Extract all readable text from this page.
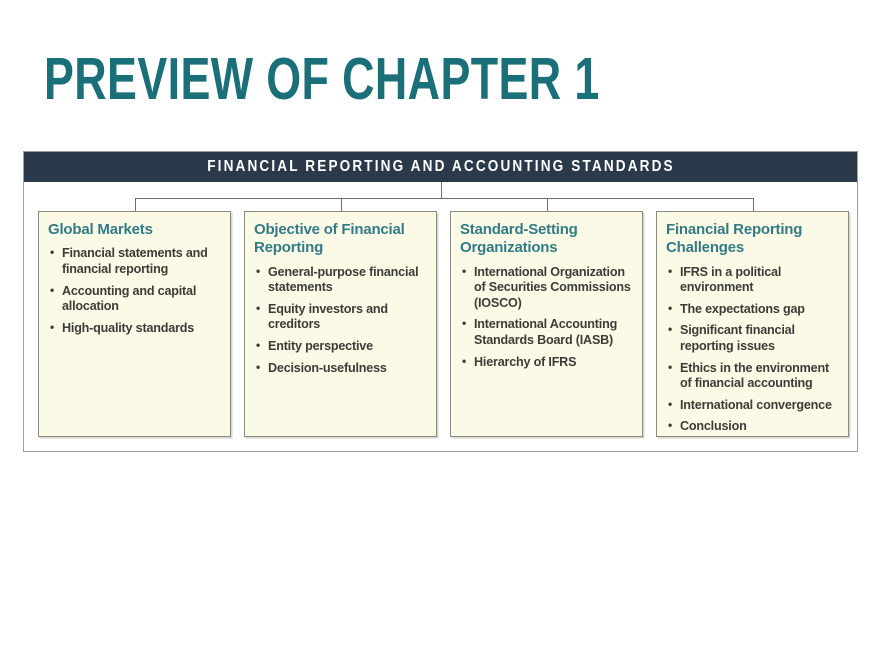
PREVIEW OF CHAPTER 1
FINANCIAL REPORTING AND ACCOUNTING STANDARDS
Global Markets
• Financial statements and financial reporting
• Accounting and capital allocation
• High-quality standards
Objective of Financial Reporting
• General-purpose financial statements
• Equity investors and creditors
• Entity perspective
• Decision-usefulness
Standard-Setting Organizations
• International Organization of Securities Commissions (IOSCO)
• International Accounting Standards Board (IASB)
• Hierarchy of IFRS
Financial Reporting Challenges
• IFRS in a political environment
• The expectations gap
• Significant financial reporting issues
• Ethics in the environment of financial accounting
• International convergence
• Conclusion
